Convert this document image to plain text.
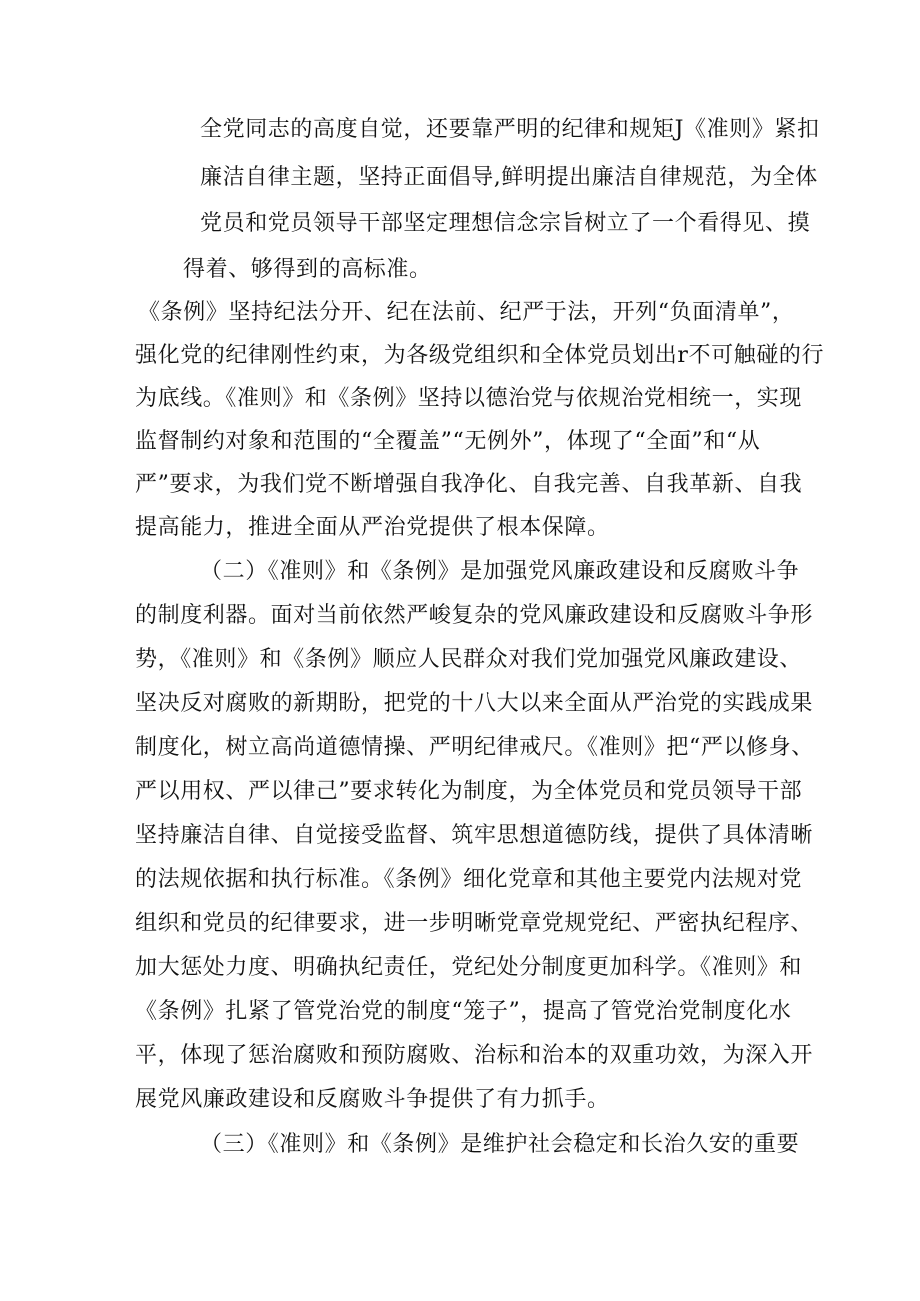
全党同志的高度自觉，还要靠严明的纪律和规矩J《准则》紧扣
廉洁自律主题，坚持正面倡导,鲜明提出廉洁自律规范，为全体
党员和党员领导干部坚定理想信念宗旨树立了一个看得见、摸
得着、够得到的高标准。
《条例》坚持纪法分开、纪在法前、纪严于法，开列“负面清单”，
强化党的纪律刚性约束，为各级党组织和全体党员划出r不可触碰的行
为底线。《准则》和《条例》坚持以德治党与依规治党相统一，实现
监督制约对象和范围的“全覆盖”“无例外”，体现了“全面”和“从
严”要求，为我们党不断增强自我净化、自我完善、自我革新、自我
提高能力，推进全面从严治党提供了根本保障。
（二）《准则》和《条例》是加强党风廉政建设和反腐败斗争
的制度利器。面对当前依然严峻复杂的党风廉政建设和反腐败斗争形
势，《准则》和《条例》顺应人民群众对我们党加强党风廉政建设、
坚决反对腐败的新期盼，把党的十八大以来全面从严治党的实践成果
制度化，树立高尚道德情操、严明纪律戒尺。《准则》把“严以修身、
严以用权、严以律己”要求转化为制度，为全体党员和党员领导干部
坚持廉洁自律、自觉接受监督、筑牢思想道德防线，提供了具体清晰
的法规依据和执行标准。《条例》细化党章和其他主要党内法规对党
组织和党员的纪律要求，进一步明晰党章党规党纪、严密执纪程序、
加大惩处力度、明确执纪责任，党纪处分制度更加科学。《准则》和
《条例》扎紧了管党治党的制度“笼子”，提高了管党治党制度化水
平，体现了惩治腐败和预防腐败、治标和治本的双重功效，为深入开
展党风廉政建设和反腐败斗争提供了有力抓手。
（三）《准则》和《条例》是维护社会稳定和长治久安的重要
